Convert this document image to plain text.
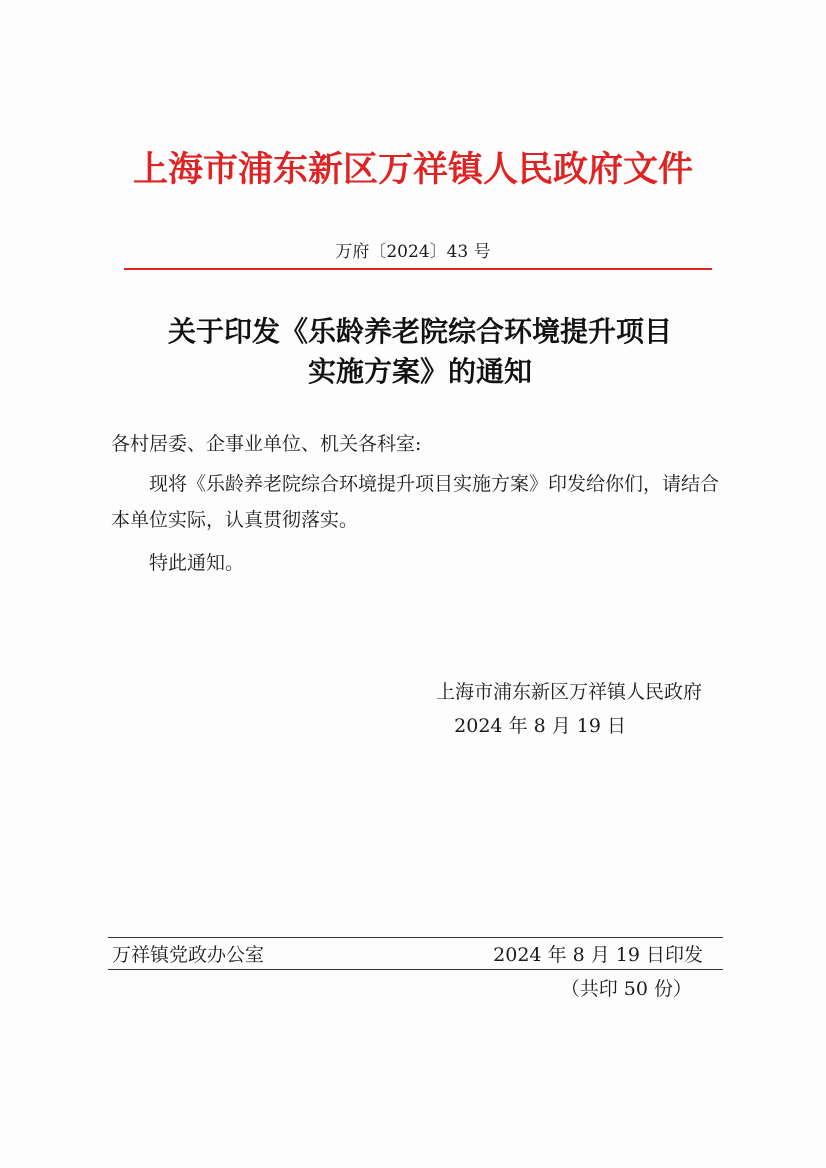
上海市浦东新区万祥镇人民政府文件
万府〔2024〕43 号
关于印发《乐龄养老院综合环境提升项目
实施方案》的通知
各村居委、企事业单位、机关各科室:
现将《乐龄养老院综合环境提升项目实施方案》印发给你们，请结合本单位实际，认真贯彻落实。
特此通知。
上海市浦东新区万祥镇人民政府
2024 年 8 月 19 日
万祥镇党政办公室	2024 年 8 月 19 日印发
（共印 50 份）
